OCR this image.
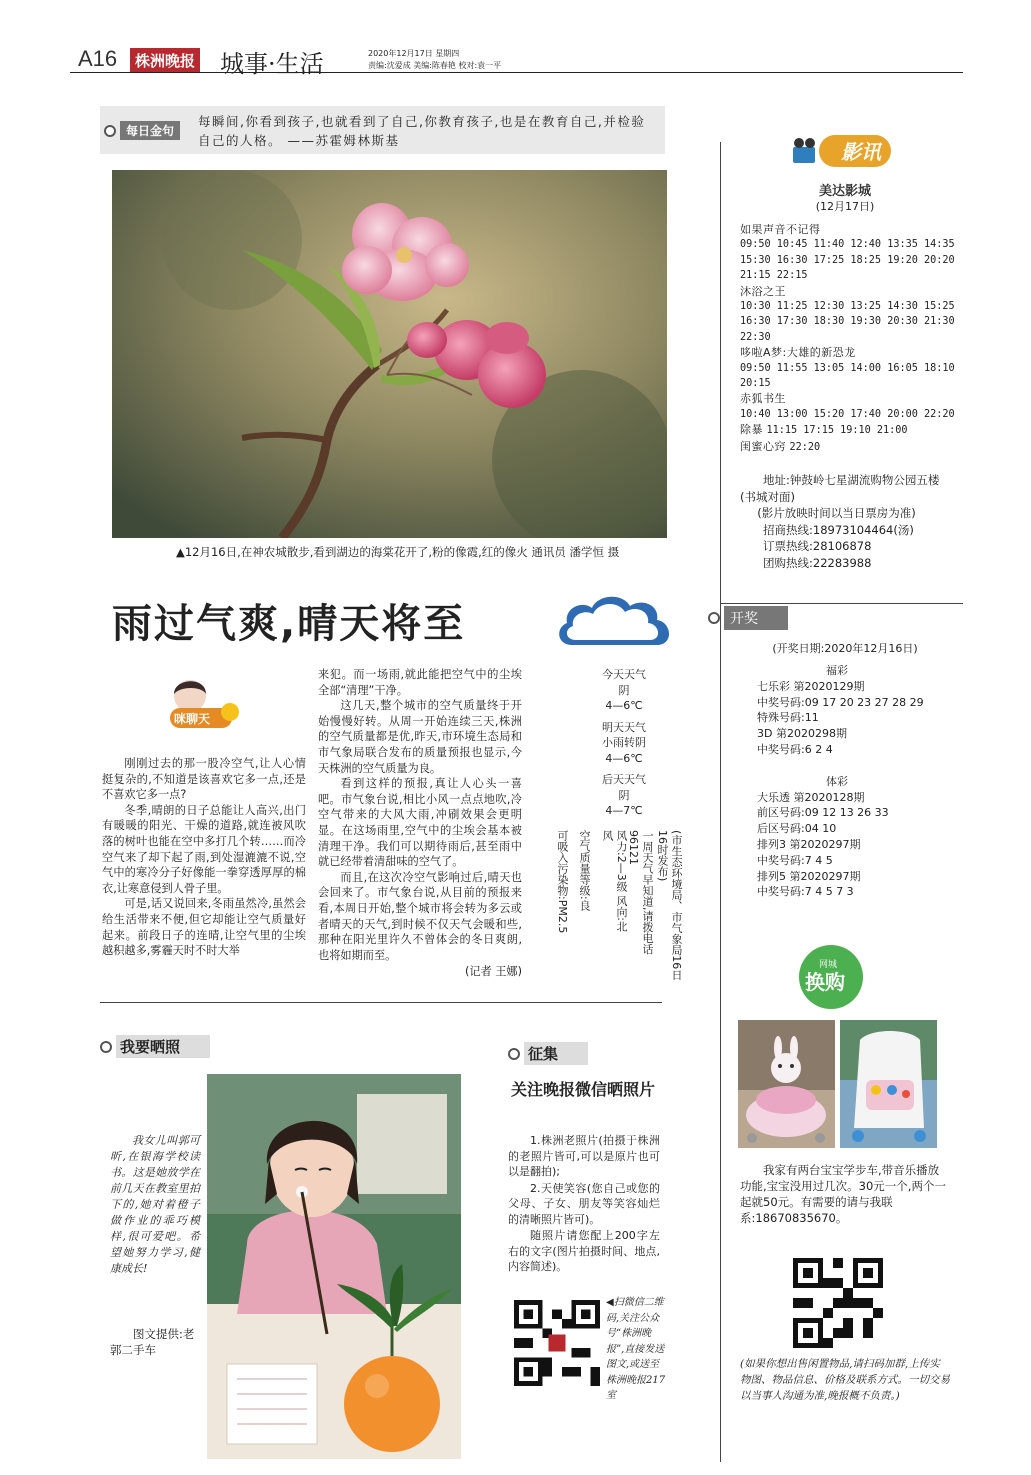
A16	株洲晚报 城事·生活	2020年12月17日 星期四
责编:沈爱成 美编:陈春艳 校对:袁一平
每日金句
每瞬间,你看到孩子,也就看到了自己,你教育孩子,也是在教育自己,并检验自己的人格。 ——苏霍姆林斯基
▲12月16日,在神农城散步,看到湖边的海棠花开了,粉的像霞,红的像火 通讯员 潘学恒 摄
雨过气爽,晴天将至
今天天气
阴
4—6℃
明天天气
小雨转阴
4—6℃
后天天气
阴
4—7℃
(市生态环境局、市气象局16日16时发布)
一周天气早知道,请拨电话96121
风力:2—3级 风向:北风
空气质量等级:良
可吸入污染物:PM2.5
咪聊天

刚刚过去的那一股冷空气,让人心情挺复杂的,不知道是该喜欢它多一点,还是不喜欢它多一点?

冬季,晴朗的日子总能让人高兴,出门有暖暖的阳光、干燥的道路,就连被风吹落的树叶也能在空中多打几个转……而冷空气来了却下起了雨,到处湿漉漉不说,空气中的寒冷分子好像能一拳穿透厚厚的棉衣,让寒意侵到人骨子里。

可是,话又说回来,冬雨虽然冷,虽然会给生活带来不便,但它却能让空气质量好起来。前段日子的连晴,让空气里的尘埃越积越多,雾霾天时不时大举

来犯。而一场雨,就此能把空气中的尘埃全部“清理”干净。

这几天,整个城市的空气质量终于开始慢慢好转。从周一开始连续三天,株洲的空气质量都是优,昨天,市环境生态局和市气象局联合发布的质量预报也显示,今天株洲的空气质量为良。

看到这样的预报,真让人心头一喜吧。市气象台说,相比小风一点点地吹,冷空气带来的大风大雨,冲刷效果会更明显。在这场雨里,空气中的尘埃会基本被清理干净。我们可以期待雨后,甚至雨中就已经带着清甜味的空气了。

而且,在这次冷空气影响过后,晴天也会回来了。市气象台说,从目前的预报来看,本周日开始,整个城市将会转为多云或者晴天的天气,到时候不仅天气会暖和些,那种在阳光里许久不曾体会的冬日爽朗,也将如期而至。

(记者 王娜)
影讯
美达影城
(12月17日)
如果声音不记得
09:50 10:45 11:40 12:40 13:35 14:35 15:30 16:30 17:25 18:25 19:20 20:20 21:15 22:15
沐浴之王
10:30 11:25 12:30 13:25 14:30 15:25 16:30 17:30 18:30 19:30 20:30 21:30 22:30
哆啦A梦:大雄的新恐龙
09:50 11:55 13:05 14:00 16:05 18:10 20:15
赤狐书生
10:40 13:00 15:20 17:40 20:00 22:20
除暴 11:15 17:15 19:10 21:00
闺蜜心窍 22:20
地址:钟鼓岭七星湖流购物公园五楼(书城对面)
(影片放映时间以当日票房为准)
招商热线:18973104464(汤)
订票热线:28106878
团购热线:22283988
开奖
(开奖日期:2020年12月16日)
福彩
七乐彩 第2020129期
中奖号码:09 17 20 23 27 28 29
特殊号码:11
3D 第2020298期
中奖号码:6 2 4
体彩
大乐透 第2020128期
前区号码:09 12 13 26 33
后区号码:04 10
排列3 第2020297期
中奖号码:7 4 5
排列5 第2020297期
中奖号码:7 4 5 7 3
网城
换购
我家有两台宝宝学步车,带音乐播放功能,宝宝没用过几次。30元一个,两个一起就50元。有需要的请与我联系:18670835670。
(如果你想出售闲置物品,请扫码加群,上传实物图、物品信息、价格及联系方式。一切交易以当事人沟通为准,晚报概不负责。)
我要晒照
我女儿叫郭可昕,在银海学校读书。这是她放学在前几天在教室里拍下的,她对着橙子做作业的乖巧模样,很可爱吧。希望她努力学习,健康成长!
图文提供:老郭二手车
征集
关注晚报微信晒照片

1.株洲老照片(拍摄于株洲的老照片皆可,可以是原片也可以是翻拍);

2.天使笑容(您自己或您的父母、子女、朋友等笑容灿烂的清晰照片皆可)。

随照片请您配上200字左右的文字(图片拍摄时间、地点,内容简述)。

◀扫微信二维码,关注公众号“株洲晚报”,直接发送图文,或送至株洲晚报217室
